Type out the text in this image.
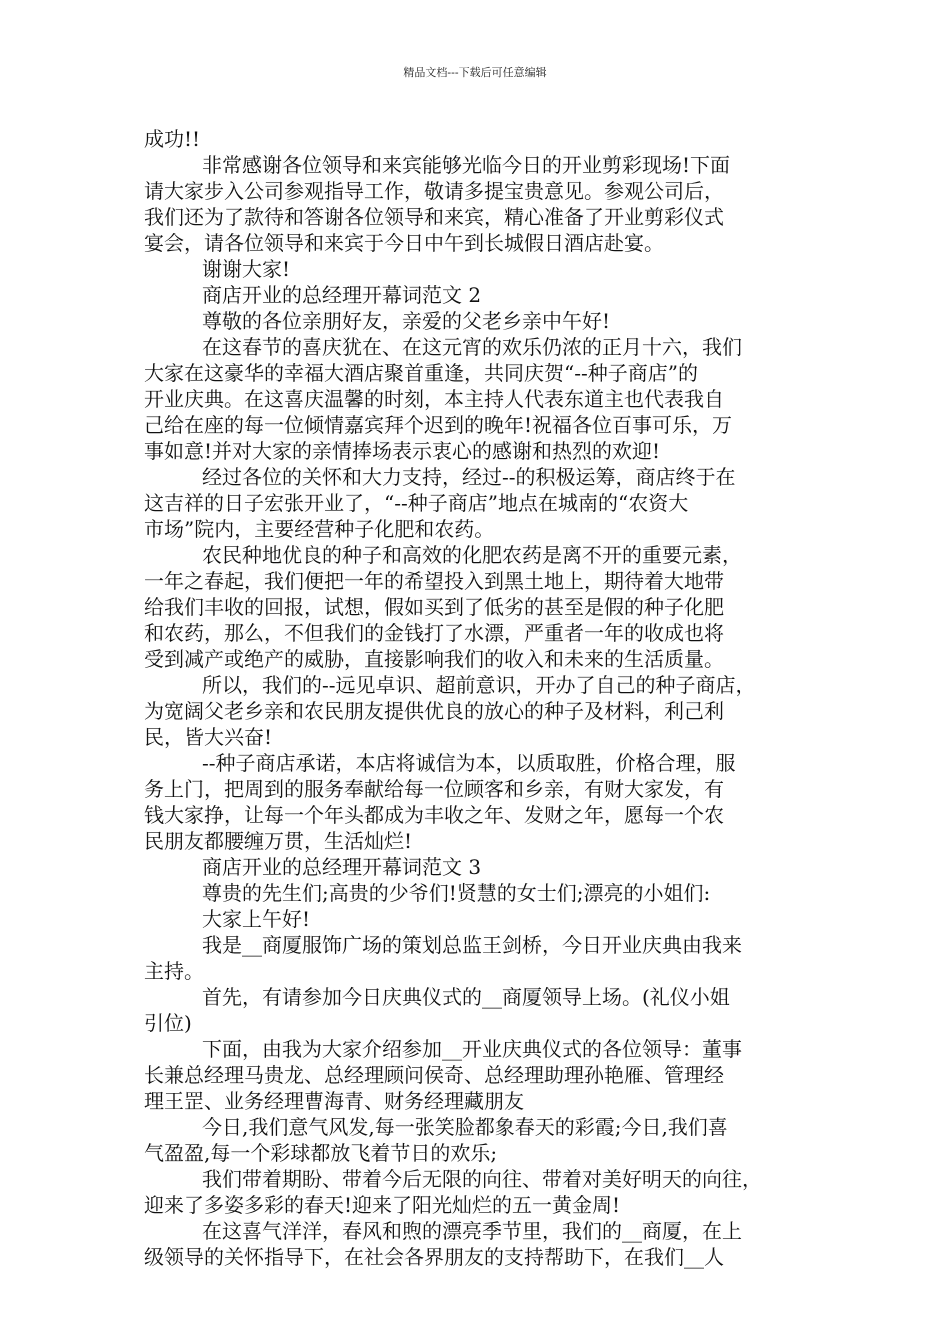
精品文档---下载后可任意编辑
成功!!
非常感谢各位领导和来宾能够光临今日的开业剪彩现场!下面
请大家步入公司参观指导工作，敬请多提宝贵意见。参观公司后，
我们还为了款待和答谢各位领导和来宾，精心准备了开业剪彩仪式
宴会，请各位领导和来宾于今日中午到长城假日酒店赴宴。
谢谢大家!
商店开业的总经理开幕词范文 2
尊敬的各位亲朋好友，亲爱的父老乡亲中午好!
在这春节的喜庆犹在、在这元宵的欢乐仍浓的正月十六，我们
大家在这豪华的幸福大酒店聚首重逢，共同庆贺“--种子商店”的
开业庆典。在这喜庆温馨的时刻，本主持人代表东道主也代表我自
己给在座的每一位倾情嘉宾拜个迟到的晚年!祝福各位百事可乐，万
事如意!并对大家的亲情捧场表示衷心的感谢和热烈的欢迎!
经过各位的关怀和大力支持，经过--的积极运筹，商店终于在
这吉祥的日子宏张开业了，“--种子商店”地点在城南的“农资大
市场”院内，主要经营种子化肥和农药。
农民种地优良的种子和高效的化肥农药是离不开的重要元素，
一年之春起，我们便把一年的希望投入到黑土地上，期待着大地带
给我们丰收的回报，试想，假如买到了低劣的甚至是假的种子化肥
和农药，那么，不但我们的金钱打了水漂，严重者一年的收成也将
受到减产或绝产的威胁，直接影响我们的收入和未来的生活质量。
所以，我们的--远见卓识、超前意识，开办了自己的种子商店，
为宽阔父老乡亲和农民朋友提供优良的放心的种子及材料，利己利
民，皆大兴奋!
--种子商店承诺，本店将诚信为本，以质取胜，价格合理，服
务上门，把周到的服务奉献给每一位顾客和乡亲，有财大家发，有
钱大家挣，让每一个年头都成为丰收之年、发财之年，愿每一个农
民朋友都腰缠万贯，生活灿烂!
商店开业的总经理开幕词范文 3
尊贵的先生们;高贵的少爷们!贤慧的女士们;漂亮的小姐们:
大家上午好!
我是__商厦服饰广场的策划总监王剑桥，今日开业庆典由我来
主持。
首先，有请参加今日庆典仪式的__商厦领导上场。(礼仪小姐
引位)
下面，由我为大家介绍参加__开业庆典仪式的各位领导：董事
长兼总经理马贵龙、总经理顾问侯奇、总经理助理孙艳雁、管理经
理王罡、业务经理曹海青、财务经理藏朋友
今日,我们意气风发,每一张笑脸都象春天的彩霞;今日,我们喜
气盈盈,每一个彩球都放飞着节日的欢乐;
我们带着期盼、带着今后无限的向往、带着对美好明天的向往，
迎来了多姿多彩的春天!迎来了阳光灿烂的五一黄金周!
在这喜气洋洋，春风和煦的漂亮季节里，我们的__商厦，在上
级领导的关怀指导下，在社会各界朋友的支持帮助下，在我们__人
